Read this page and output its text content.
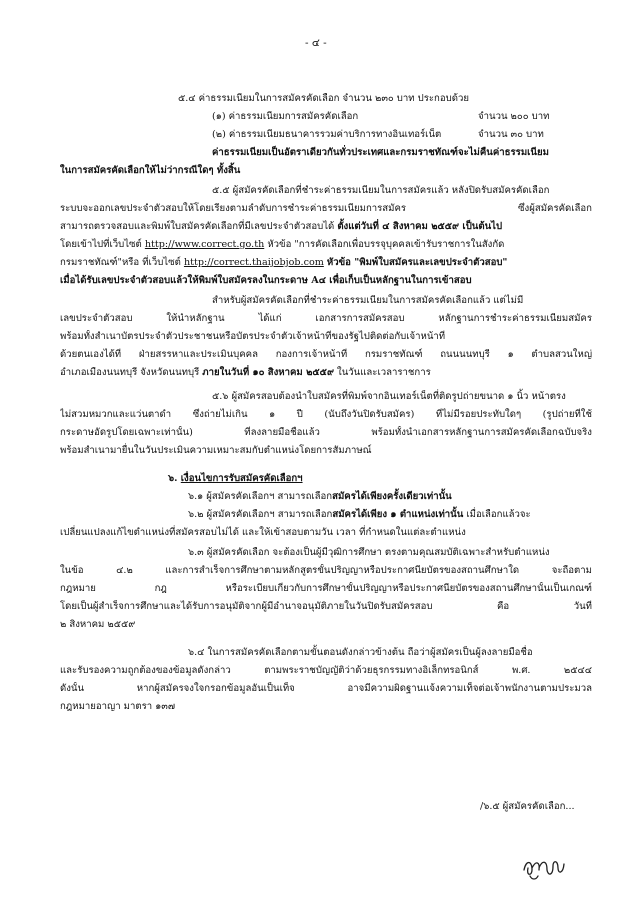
- ๔ -
๕.๔ ค่าธรรมเนียมในการสมัครคัดเลือก จำนวน ๒๓๐ บาท ประกอบด้วย
(๑) ค่าธรรมเนียมการสมัครคัดเลือก	จำนวน ๒๐๐ บาท
(๒) ค่าธรรมเนียมธนาคารรวมค่าบริการทางอินเทอร์เน็ต	จำนวน ๓๐ บาท
ค่าธรรมเนียมเป็นอัตราเดียวกันทั่วประเทศและกรมราชทัณฑ์จะไม่คืนค่าธรรมเนียม
ในการสมัครคัดเลือกให้ไม่ว่ากรณีใดๆ ทั้งสิ้น
๕.๕ ผู้สมัครคัดเลือกที่ชำระค่าธรรมเนียมในการสมัครแล้ว หลังปิดรับสมัครคัดเลือก
ระบบจะออกเลขประจำตัวสอบให้โดยเรียงตามลำดับการชำระค่าธรรมเนียมการสมัคร ซึ่งผู้สมัครคัดเลือก
สามารถตรวจสอบและพิมพ์ใบสมัครคัดเลือกที่มีเลขประจำตัวสอบได้ ตั้งแต่วันที่ ๔ สิงหาคม ๒๕๕๙ เป็นต้นไป
โดยเข้าไปที่เว็บไซต์ http://www.correct.go.th หัวข้อ "การคัดเลือกเพื่อบรรจุบุคคลเข้ารับราชการในสังกัด
กรมราชทัณฑ์"หรือ ที่เว็บไซต์ http://correct.thaijobjob.com หัวข้อ "พิมพ์ใบสมัครและเลขประจำตัวสอบ"
เมื่อได้รับเลขประจำตัวสอบแล้วให้พิมพ์ใบสมัครลงในกระดาษ A๔ เพื่อเก็บเป็นหลักฐานในการเข้าสอบ
สำหรับผู้สมัครคัดเลือกที่ชำระค่าธรรมเนียมในการสมัครคัดเลือกแล้ว แต่ไม่มี
เลขประจำตัวสอบ ให้นำหลักฐาน ได้แก่ เอกสารการสมัครสอบ หลักฐานการชำระค่าธรรมเนียมสมัคร
พร้อมทั้งสำเนาบัตรประจำตัวประชาชนหรือบัตรประจำตัวเจ้าหน้าที่ของรัฐไปติดต่อกับเจ้าหน้าที่
ด้วยตนเองได้ที่ ฝ่ายสรรหาและประเมินบุคคล กองการเจ้าหน้าที่ กรมราชทัณฑ์ ถนนนนทบุรี ๑ ตำบลสวนใหญ่
อำเภอเมืองนนทบุรี จังหวัดนนทบุรี ภายในวันที่ ๑๐ สิงหาคม ๒๕๕๙ ในวันและเวลาราชการ
๕.๖ ผู้สมัครสอบต้องนำใบสมัครที่พิมพ์จากอินเทอร์เน็ตที่ติดรูปถ่ายขนาด ๑ นิ้ว หน้าตรง
ไม่สวมหมวกและแว่นตาดำ ซึ่งถ่ายไม่เกิน ๑ ปี (นับถึงวันปิดรับสมัคร) ที่ไม่มีรอยประทับใดๆ (รูปถ่ายที่ใช้
กระดาษอัดรูปโดยเฉพาะเท่านั้น) ที่ลงลายมือชื่อแล้ว พร้อมทั้งนำเอกสารหลักฐานการสมัครคัดเลือกฉบับจริง
พร้อมสำเนามายื่นในวันประเมินความเหมาะสมกับตำแหน่งโดยการสัมภาษณ์
๖. เงื่อนไขการรับสมัครคัดเลือกฯ
๖.๑ ผู้สมัครคัดเลือกฯ สามารถเลือกสมัครได้เพียงครั้งเดียวเท่านั้น
๖.๒ ผู้สมัครคัดเลือกฯ สามารถเลือกสมัครได้เพียง ๑ ตำแหน่งเท่านั้น เมื่อเลือกแล้วจะ
เปลี่ยนแปลงแก้ไขตำแหน่งที่สมัครสอบไม่ได้ และให้เข้าสอบตามวัน เวลา ที่กำหนดในแต่ละตำแหน่ง
๖.๓ ผู้สมัครคัดเลือก จะต้องเป็นผู้มีวุฒิการศึกษา ตรงตามคุณสมบัติเฉพาะสำหรับตำแหน่ง
ในข้อ ๔.๒ และการสำเร็จการศึกษาตามหลักสูตรขั้นปริญญาหรือประกาศนียบัตรของสถานศึกษาใด จะถือตาม
กฎหมาย กฎ หรือระเบียบเกี่ยวกับการศึกษาขั้นปริญญาหรือประกาศนียบัตรของสถานศึกษานั้นเป็นเกณฑ์
โดยเป็นผู้สำเร็จการศึกษาและได้รับการอนุมัติจากผู้มีอำนาจอนุมัติภายในวันปิดรับสมัครสอบ คือ วันที่
๒ สิงหาคม ๒๕๕๙
๖.๔ ในการสมัครคัดเลือกตามขั้นตอนดังกล่าวข้างต้น ถือว่าผู้สมัครเป็นผู้ลงลายมือชื่อ
และรับรองความถูกต้องของข้อมูลดังกล่าว ตามพระราชบัญญัติว่าด้วยธุรกรรมทางอิเล็กทรอนิกส์ พ.ศ. ๒๕๔๔
ดังนั้น หากผู้สมัครจงใจกรอกข้อมูลอันเป็นเท็จ อาจมีความผิดฐานแจ้งความเท็จต่อเจ้าพนักงานตามประมวล
กฎหมายอาญา มาตรา ๑๓๗
/๖.๕ ผู้สมัครคัดเลือก...
